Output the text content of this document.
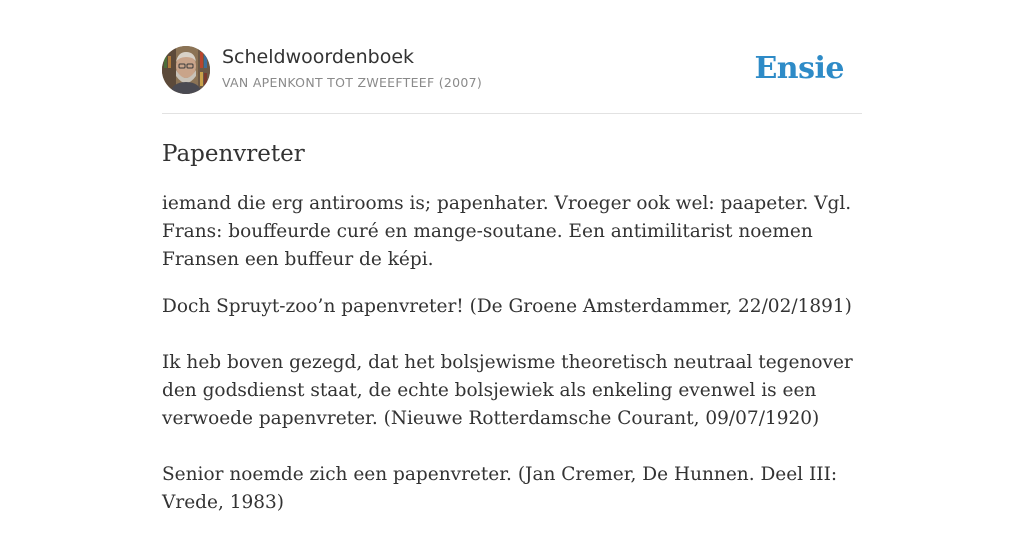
Scheldwoordenboek
VAN APENKONT TOT ZWEEFTEEF (2007)	Ensie
Papenvreter

iemand die erg antirooms is; papenhater. Vroeger ook wel: paapeter. Vgl. Frans: bouffeurde curé en mange-soutane. Een antimilitarist noemen Fransen een buffeur de képi.

Doch Spruyt-zoo’n papenvreter! (De Groene Amsterdammer, 22/02/1891)

Ik heb boven gezegd, dat het bolsjewisme theoretisch neutraal tegenover den godsdienst staat, de echte bolsjewiek als enkeling evenwel is een verwoede papenvreter. (Nieuwe Rotterdamsche Courant, 09/07/1920)

Senior noemde zich een papenvreter. (Jan Cremer, De Hunnen. Deel III: Vrede, 1983)
